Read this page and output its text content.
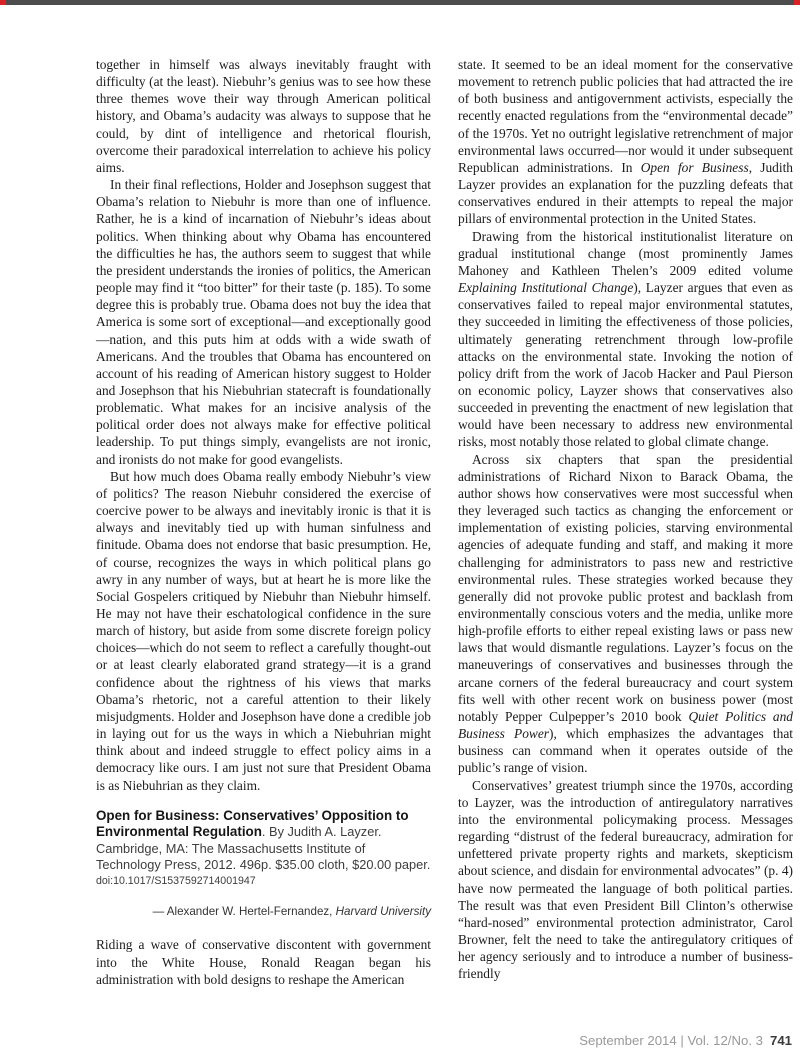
together in himself was always inevitably fraught with difficulty (at the least). Niebuhr’s genius was to see how these three themes wove their way through American political history, and Obama’s audacity was always to suppose that he could, by dint of intelligence and rhetorical flourish, overcome their paradoxical interrelation to achieve his policy aims.

In their final reflections, Holder and Josephson suggest that Obama’s relation to Niebuhr is more than one of influence. Rather, he is a kind of incarnation of Niebuhr’s ideas about politics. When thinking about why Obama has encountered the difficulties he has, the authors seem to suggest that while the president understands the ironies of politics, the American people may find it “too bitter” for their taste (p. 185). To some degree this is probably true. Obama does not buy the idea that America is some sort of exceptional—and exceptionally good—nation, and this puts him at odds with a wide swath of Americans. And the troubles that Obama has encountered on account of his reading of American history suggest to Holder and Josephson that his Niebuhrian statecraft is foundationally problematic. What makes for an incisive analysis of the political order does not always make for effective political leadership. To put things simply, evangelists are not ironic, and ironists do not make for good evangelists.

But how much does Obama really embody Niebuhr’s view of politics? The reason Niebuhr considered the exercise of coercive power to be always and inevitably ironic is that it is always and inevitably tied up with human sinfulness and finitude. Obama does not endorse that basic presumption. He, of course, recognizes the ways in which political plans go awry in any number of ways, but at heart he is more like the Social Gospelers critiqued by Niebuhr than Niebuhr himself. He may not have their eschatological confidence in the sure march of history, but aside from some discrete foreign policy choices—which do not seem to reflect a carefully thought-out or at least clearly elaborated grand strategy—it is a grand confidence about the rightness of his views that marks Obama’s rhetoric, not a careful attention to their likely misjudgments. Holder and Josephson have done a credible job in laying out for us the ways in which a Niebuhrian might think about and indeed struggle to effect policy aims in a democracy like ours. I am just not sure that President Obama is as Niebuhrian as they claim.

Open for Business: Conservatives’ Opposition to Environmental Regulation. By Judith A. Layzer. Cambridge, MA: The Massachusetts Institute of Technology Press, 2012. 496p. $35.00 cloth, $20.00 paper.

doi:10.1017/S1537592714001947

— Alexander W. Hertel-Fernandez, Harvard University

Riding a wave of conservative discontent with government into the White House, Ronald Reagan began his administration with bold designs to reshape the American

state. It seemed to be an ideal moment for the conservative movement to retrench public policies that had attracted the ire of both business and antigovernment activists, especially the recently enacted regulations from the “environmental decade” of the 1970s. Yet no outright legislative retrenchment of major environmental laws occurred—nor would it under subsequent Republican administrations. In Open for Business, Judith Layzer provides an explanation for the puzzling defeats that conservatives endured in their attempts to repeal the major pillars of environmental protection in the United States.

Drawing from the historical institutionalist literature on gradual institutional change (most prominently James Mahoney and Kathleen Thelen’s 2009 edited volume Explaining Institutional Change), Layzer argues that even as conservatives failed to repeal major environmental statutes, they succeeded in limiting the effectiveness of those policies, ultimately generating retrenchment through low-profile attacks on the environmental state. Invoking the notion of policy drift from the work of Jacob Hacker and Paul Pierson on economic policy, Layzer shows that conservatives also succeeded in preventing the enactment of new legislation that would have been necessary to address new environmental risks, most notably those related to global climate change.

Across six chapters that span the presidential administrations of Richard Nixon to Barack Obama, the author shows how conservatives were most successful when they leveraged such tactics as changing the enforcement or implementation of existing policies, starving environmental agencies of adequate funding and staff, and making it more challenging for administrators to pass new and restrictive environmental rules. These strategies worked because they generally did not provoke public protest and backlash from environmentally conscious voters and the media, unlike more high-profile efforts to either repeal existing laws or pass new laws that would dismantle regulations. Layzer’s focus on the maneuverings of conservatives and businesses through the arcane corners of the federal bureaucracy and court system fits well with other recent work on business power (most notably Pepper Culpepper’s 2010 book Quiet Politics and Business Power), which emphasizes the advantages that business can command when it operates outside of the public’s range of vision.

Conservatives’ greatest triumph since the 1970s, according to Layzer, was the introduction of antiregulatory narratives into the environmental policymaking process. Messages regarding “distrust of the federal bureaucracy, admiration for unfettered private property rights and markets, skepticism about science, and disdain for environmental advocates” (p. 4) have now permeated the language of both political parties. The result was that even President Bill Clinton’s otherwise “hard-nosed” environmental protection administrator, Carol Browner, felt the need to take the antiregulatory critiques of her agency seriously and to introduce a number of business-friendly

September 2014 | Vol. 12/No. 3 741
